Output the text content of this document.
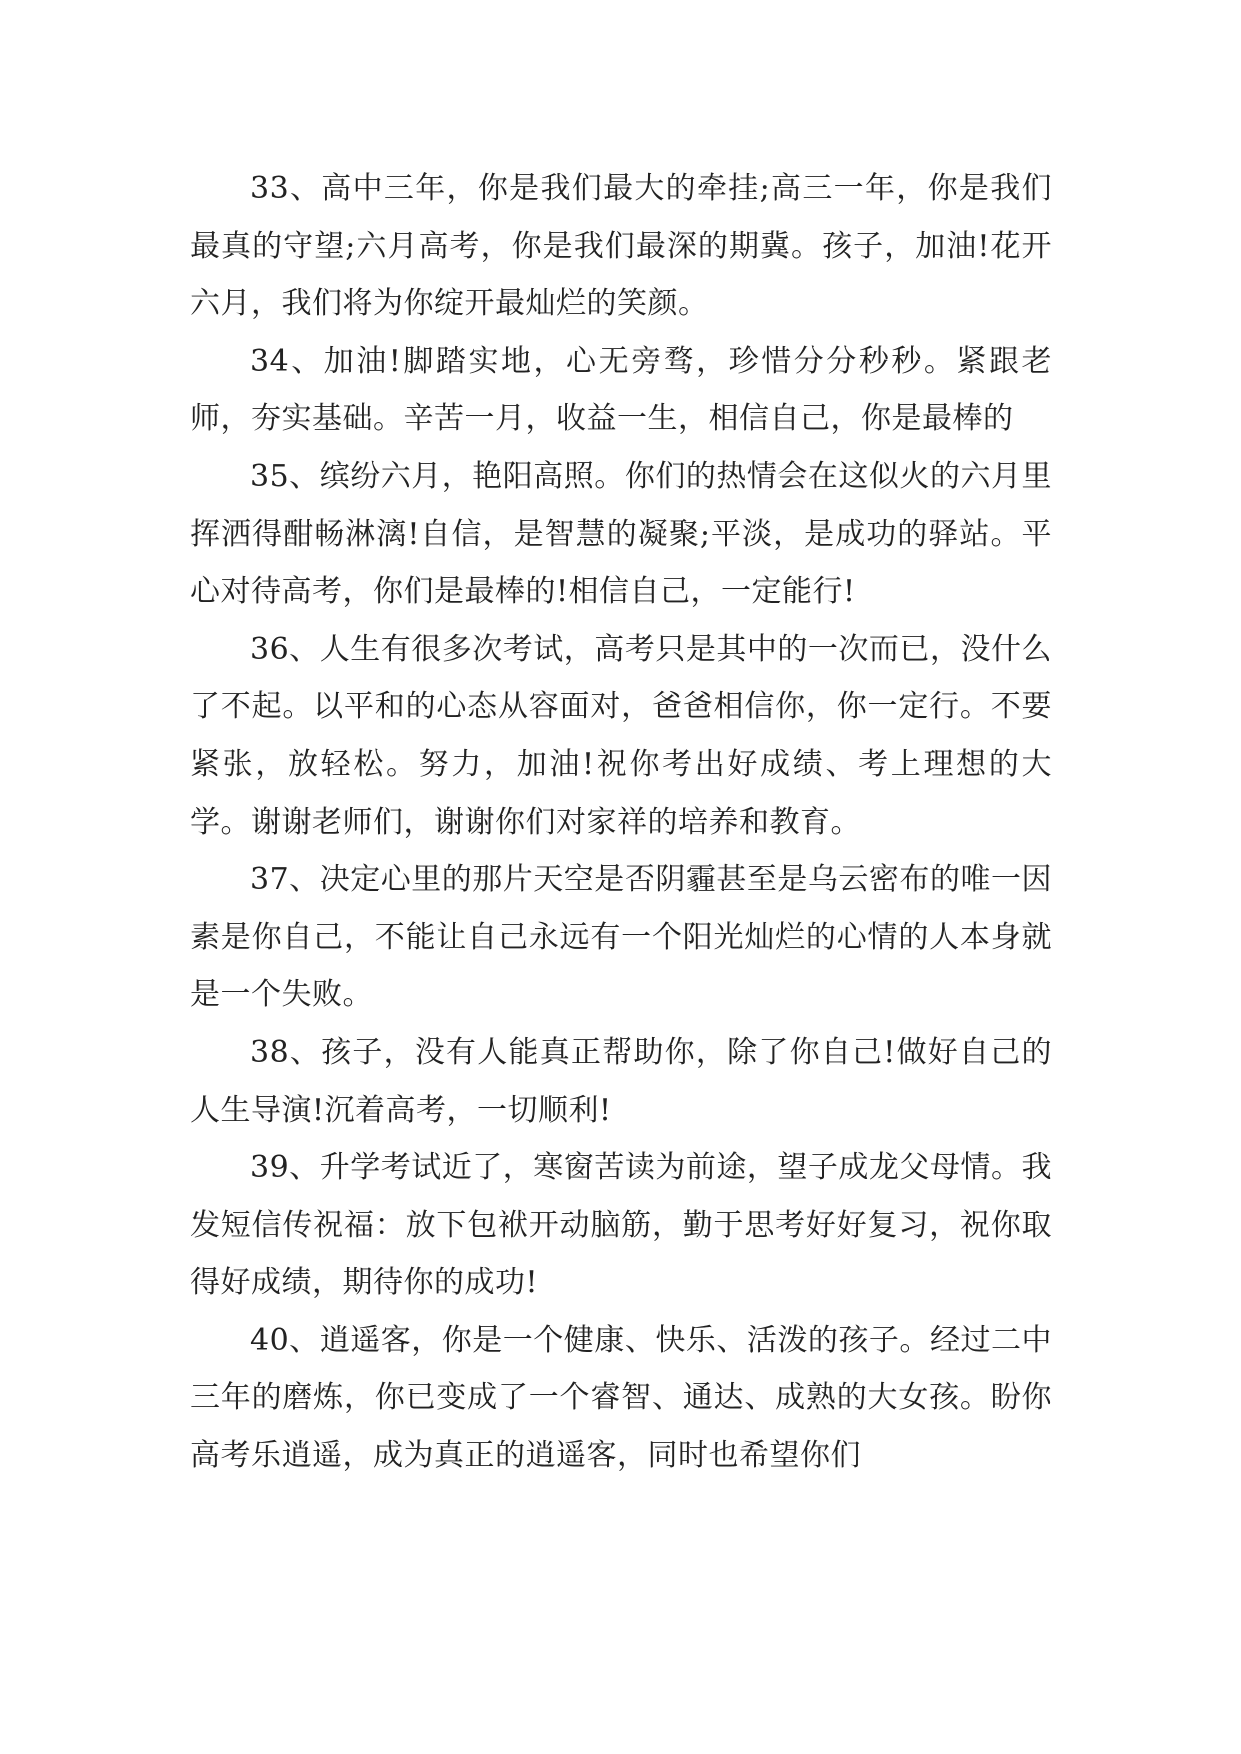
33、高中三年，你是我们最大的牵挂;高三一年，你是我们最真的守望;六月高考，你是我们最深的期冀。孩子，加油!花开六月，我们将为你绽开最灿烂的笑颜。

34、加油!脚踏实地，心无旁骛，珍惜分分秒秒。紧跟老师，夯实基础。辛苦一月，收益一生，相信自己，你是最棒的

35、缤纷六月，艳阳高照。你们的热情会在这似火的六月里挥洒得酣畅淋漓!自信，是智慧的凝聚;平淡，是成功的驿站。平心对待高考，你们是最棒的!相信自己，一定能行!

36、人生有很多次考试，高考只是其中的一次而已，没什么了不起。以平和的心态从容面对，爸爸相信你，你一定行。不要紧张，放轻松。努力，加油!祝你考出好成绩、考上理想的大学。谢谢老师们，谢谢你们对家祥的培养和教育。

37、决定心里的那片天空是否阴霾甚至是乌云密布的唯一因素是你自己，不能让自己永远有一个阳光灿烂的心情的人本身就是一个失败。

38、孩子，没有人能真正帮助你，除了你自己!做好自己的人生导演!沉着高考，一切顺利!

39、升学考试近了，寒窗苦读为前途，望子成龙父母情。我发短信传祝福：放下包袱开动脑筋，勤于思考好好复习，祝你取得好成绩，期待你的成功!

40、逍遥客，你是一个健康、快乐、活泼的孩子。经过二中三年的磨炼，你已变成了一个睿智、通达、成熟的大女孩。盼你高考乐逍遥，成为真正的逍遥客，同时也希望你们
